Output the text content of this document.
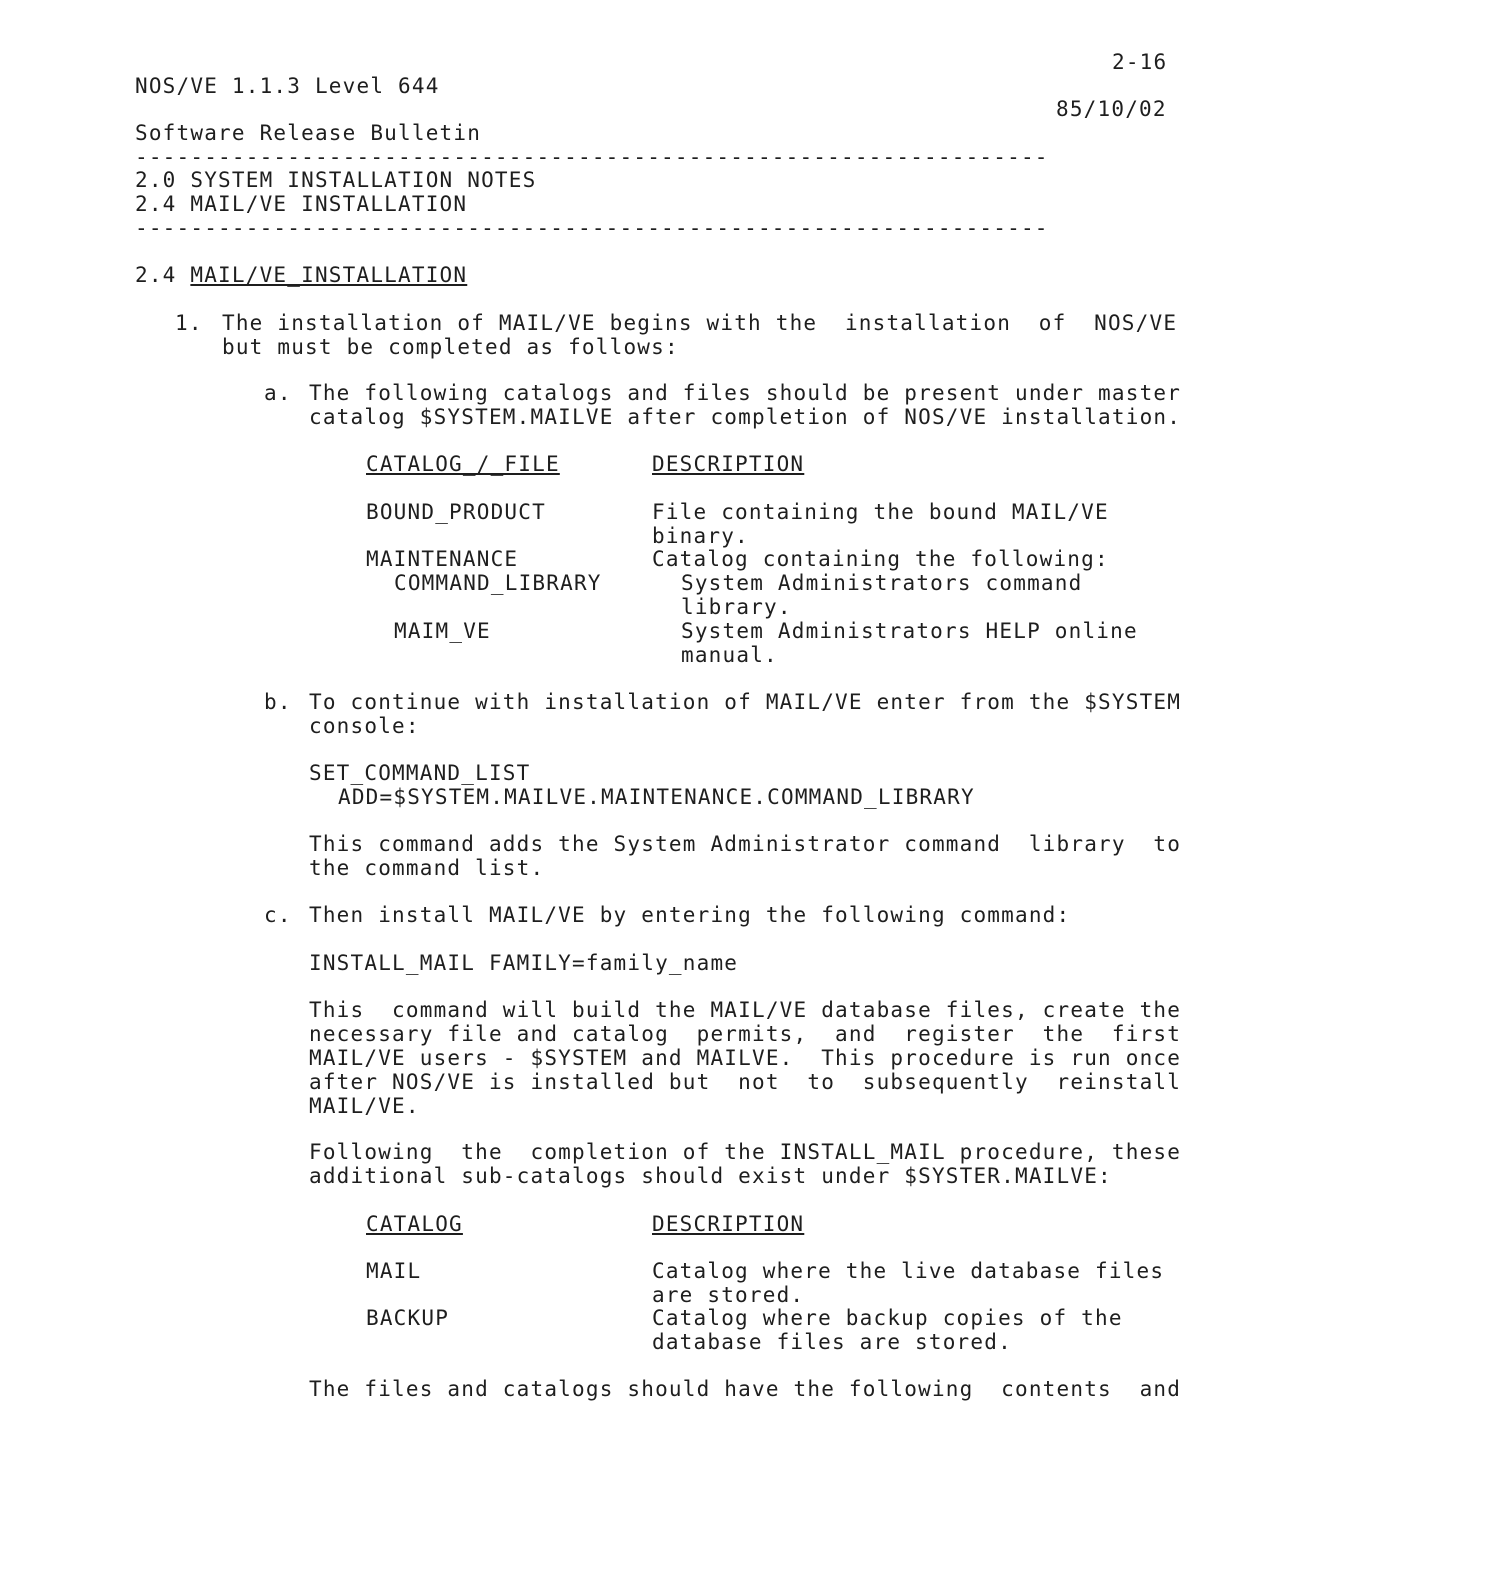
2-16
NOS/VE 1.1.3 Level 644
85/10/02
Software Release Bulletin
------------------------------------------------------------------
2.0 SYSTEM INSTALLATION NOTES
2.4 MAIL/VE INSTALLATION
------------------------------------------------------------------
2.4 MAIL/VE_INSTALLATION
1. The installation of MAIL/VE begins with the  installation  of  NOS/VE
but must be completed as follows:
a. The following catalogs and files should be present under master
catalog $SYSTEM.MAILVE after completion of NOS/VE installation.
CATALOG_/_FILE	DESCRIPTION
BOUND_PRODUCT	File containing the bound MAIL/VE
binary.
MAINTENANCE	Catalog containing the following:
COMMAND_LIBRARY	System Administrators command
library.
MAIM_VE	System Administrators HELP online
manual.
b. To continue with installation of MAIL/VE enter from the $SYSTEM
console:
SET_COMMAND_LIST
ADD=$SYSTEM.MAILVE.MAINTENANCE.COMMAND_LIBRARY
This command adds the System Administrator command  library  to
the command list.
c. Then install MAIL/VE by entering the following command:
INSTALL_MAIL FAMILY=family_name
This  command will build the MAIL/VE database files, create the
necessary file and catalog  permits,  and  register  the  first
MAIL/VE users - $SYSTEM and MAILVE.  This procedure is run once
after NOS/VE is installed but  not  to  subsequently  reinstall
MAIL/VE.
Following  the  completion of the INSTALL_MAIL procedure, these
additional sub-catalogs should exist under $SYSTER.MAILVE:
CATALOG	DESCRIPTION
MAIL	Catalog where the live database files
are stored.
BACKUP	Catalog where backup copies of the
database files are stored.
The files and catalogs should have the following  contents  and
